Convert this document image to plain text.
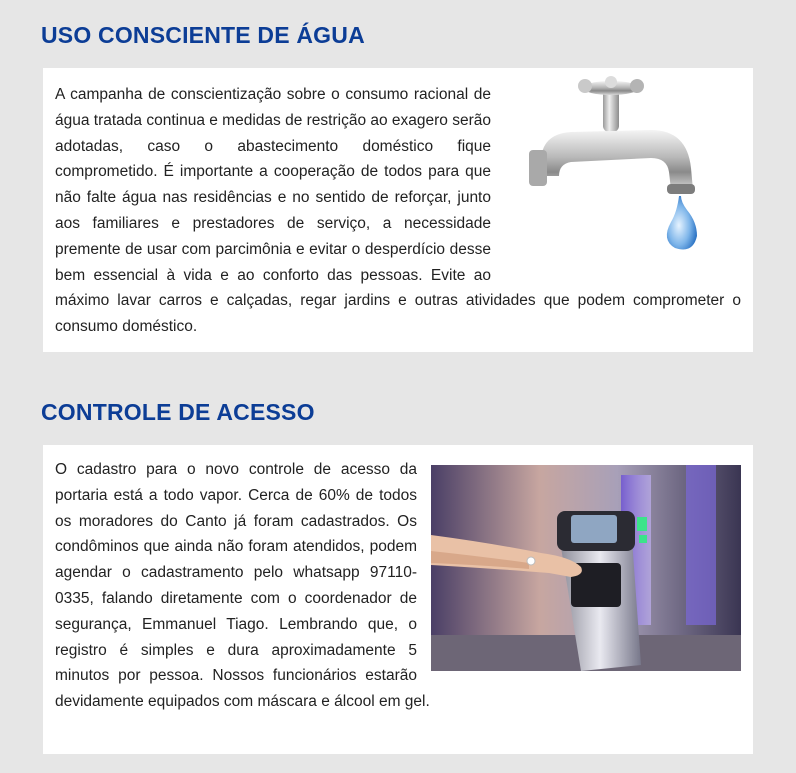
USO CONSCIENTE DE ÁGUA

A campanha de conscientização sobre o consumo racional de água tratada continua e medidas de restrição ao exagero serão adotadas, caso o abastecimento doméstico fique comprometido. É importante a cooperação de todos para que não falte água nas residências e no sentido de reforçar, junto aos familiares e prestadores de serviço, a necessidade premente de usar com parcimônia e evitar o desperdício desse bem essencial à vida e ao conforto das pessoas. Evite ao máximo lavar carros e calçadas, regar jardins e outras atividades que podem comprometer o consumo doméstico.

CONTROLE DE ACESSO

O cadastro para o novo controle de acesso da portaria está a todo vapor. Cerca de 60% de todos os moradores do Canto já foram cadastrados. Os condôminos que ainda não foram atendidos, podem agendar o cadastramento pelo whatsapp 97110-0335, falando diretamente com o coordenador de segurança, Emmanuel Tiago. Lembrando que, o registro é simples e dura aproximadamente 5 minutos por pessoa. Nossos funcionários estarão devidamente equipados com máscara e álcool em gel.
